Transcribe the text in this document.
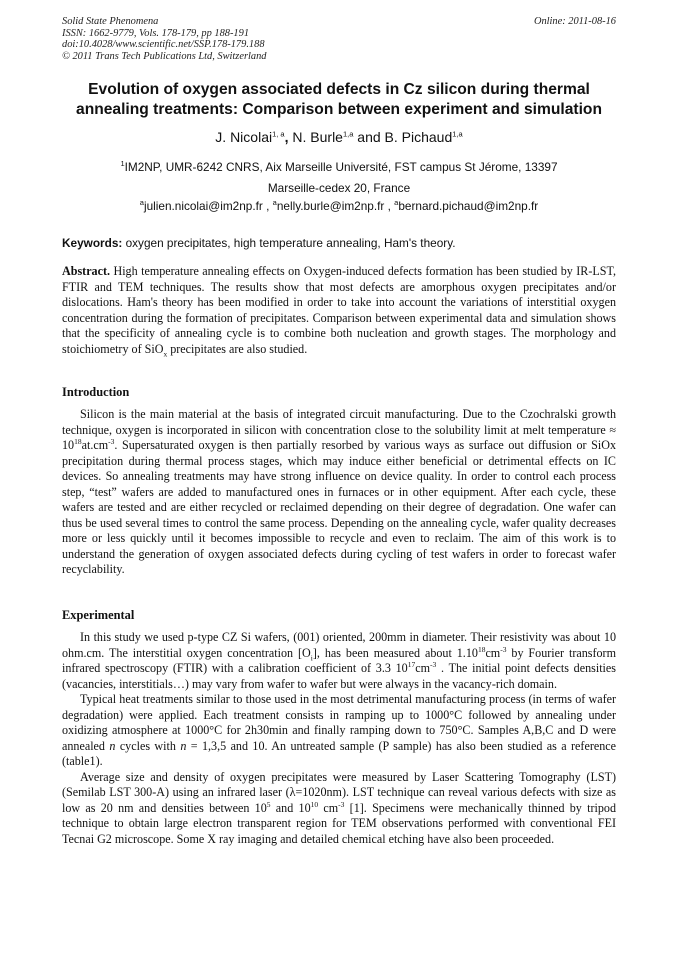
Solid State Phenomena
ISSN: 1662-9779, Vols. 178-179, pp 188-191
doi:10.4028/www.scientific.net/SSP.178-179.188
© 2011 Trans Tech Publications Ltd, Switzerland
Online: 2011-08-16
Evolution of oxygen associated defects in Cz silicon during thermal
annealing treatments: Comparison between experiment and simulation
J. Nicolai$^{1, a}$, N. Burle$^{1,a}$ and B. Pichaud$^{1,a}$
$^1$IM2NP, UMR-6242 CNRS, Aix Marseille Université, FST campus St Jérome, 13397
Marseille-cedex 20, France
$^a$julien.nicolai@im2np.fr , $^a$nelly.burle@im2np.fr , $^a$bernard.pichaud@im2np.fr
Keywords: oxygen precipitates, high temperature annealing, Ham's theory.

Abstract. High temperature annealing effects on Oxygen-induced defects formation has been studied by IR-LST, FTIR and TEM techniques. The results show that most defects are amorphous oxygen precipitates and/or dislocations. Ham's theory has been modified in order to take into account the variations of interstitial oxygen concentration during the formation of precipitates. Comparison between experimental data and simulation shows that the specificity of annealing cycle is to combine both nucleation and growth stages. The morphology and stoichiometry of SiO$_x$ precipitates are also studied.

Introduction

Silicon is the main material at the basis of integrated circuit manufacturing. Due to the Czochralski growth technique, oxygen is incorporated in silicon with concentration close to the solubility limit at melt temperature ≈ $10^{18}at.cm^{-3}$. Supersaturated oxygen is then partially resorbed by various ways as surface out diffusion or SiOx precipitation during thermal process stages, which may induce either beneficial or detrimental effects on IC devices. So annealing treatments may have strong influence on device quality. In order to control each process step, “test” wafers are added to manufactured ones in furnaces or in other equipment. After each cycle, these wafers are tested and are either recycled or reclaimed depending on their degree of degradation. One wafer can thus be used several times to control the same process. Depending on the annealing cycle, wafer quality decreases more or less quickly until it becomes impossible to recycle and even to reclaim. The aim of this work is to understand the generation of oxygen associated defects during cycling of test wafers in order to forecast wafer recyclability.

Experimental

In this study we used p-type CZ Si wafers, (001) oriented, 200mm in diameter. Their resistivity was about 10 ohm.cm. The interstitial oxygen concentration $[O_i]$, has been measured about $1.10^{18}cm^{-3}$ by Fourier transform infrared spectroscopy (FTIR) with a calibration coefficient of 3.3 $10^{17}cm^{-3}$ . The initial point defects densities (vacancies, interstitials…) may vary from wafer to wafer but were always in the vacancy-rich domain.

Typical heat treatments similar to those used in the most detrimental manufacturing process (in terms of wafer degradation) were applied. Each treatment consists in ramping up to 1000°C followed by annealing under oxidizing atmosphere at 1000°C for 2h30min and finally ramping down to 750°C. Samples A,B,C and D were annealed n cycles with n = 1,3,5 and 10. An untreated sample (P sample) has also been studied as a reference (table1).

Average size and density of oxygen precipitates were measured by Laser Scattering Tomography (LST) (Semilab LST 300-A) using an infrared laser (λ=1020nm). LST technique can reveal various defects with size as low as 20 nm and densities between $10^5$ and $10^{10}$ $cm^{-3}$ [1]. Specimens were mechanically thinned by tripod technique to obtain large electron transparent region for TEM observations performed with conventional FEI Tecnai G2 microscope. Some X ray imaging and detailed chemical etching have also been proceeded.
